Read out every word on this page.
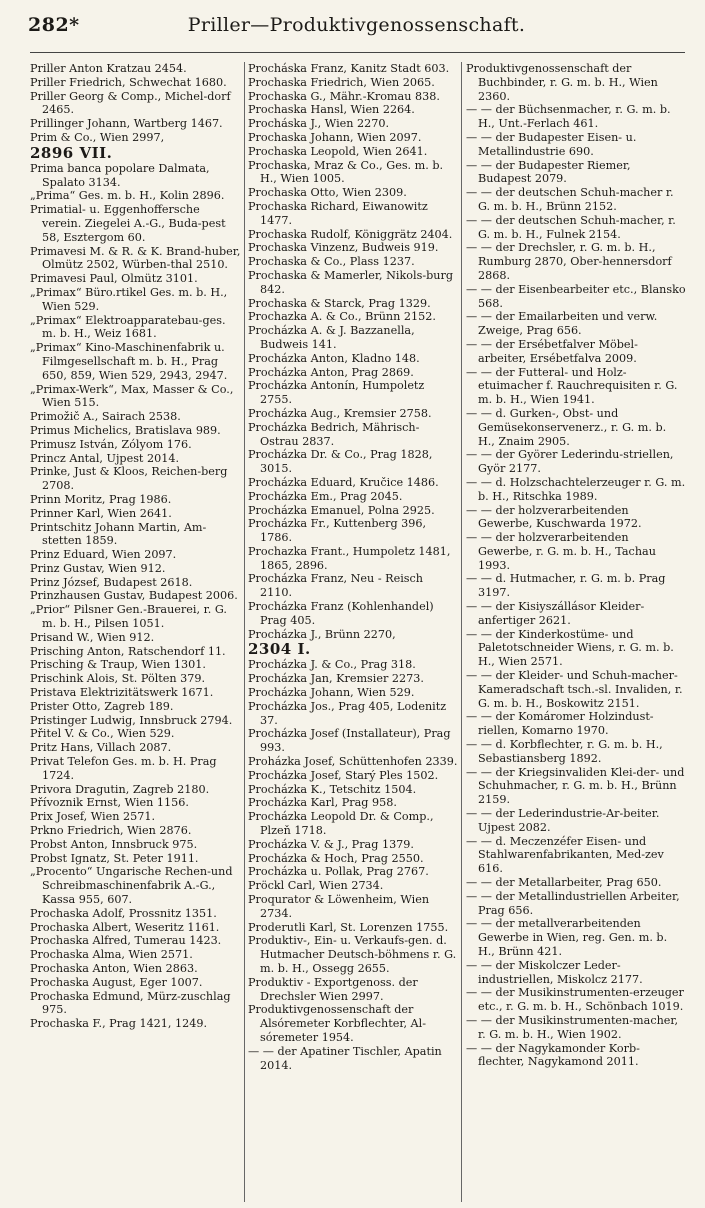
282*	Priller—Produktivgenossenschaft.

Priller Anton Kratzau 2454.

Priller Friedrich, Schwechat 1680.

Priller Georg & Comp., Michel-dorf 2465.

Prillinger Johann, Wartberg 1467.

Prim & Co., Wien 2997,

2896 VII.

Prima banca popolare Dalmata, Spalato 3134.

„Prima“ Ges. m. b. H., Kolin 2896.

Primatial- u. Eggenhoffersche verein. Ziegelei A.-G., Buda-pest 58, Esztergom 60.

Primavesi M. & R. & K. Brand-huber, Olmütz 2502, Würben-thal 2510.

Primavesi Paul, Olmütz 3101.

„Primax“ Büro.rtikel Ges. m. b. H., Wien 529.

„Primax“ Elektroapparatebau-ges. m. b. H., Weiz 1681.

„Primax“ Kino-Maschinenfabrik u. Filmgesellschaft m. b. H., Prag 650, 859, Wien 529, 2943, 2947.

„Primax-Werk“, Max, Masser & Co., Wien 515.

Primožič A., Sairach 2538.

Primus Michelics, Bratislava 989.

Primusz István, Zólyom 176.

Princz Antal, Ujpest 2014.

Prinke, Just & Kloos, Reichen-berg 2708.

Prinn Moritz, Prag 1986.

Prinner Karl, Wien 2641.

Printschitz Johann Martin, Am-stetten 1859.

Prinz Eduard, Wien 2097.

Prinz Gustav, Wien 912.

Prinz József, Budapest 2618.

Prinzhausen Gustav, Budapest 2006.

„Prior“ Pilsner Gen.-Brauerei, r. G. m. b. H., Pilsen 1051.

Prisand W., Wien 912.

Prisching Anton, Ratschendorf 11.

Prisching & Traup, Wien 1301.

Prischink Alois, St. Pölten 379.

Pristava Elektrizitätswerk 1671.

Prister Otto, Zagreb 189.

Pristinger Ludwig, Innsbruck 2794.

Přitel V. & Co., Wien 529.

Pritz Hans, Villach 2087.

Privat Telefon Ges. m. b. H. Prag 1724.

Privora Dragutin, Zagreb 2180.

Přívoznik Ernst, Wien 1156.

Prix Josef, Wien 2571.

Prkno Friedrich, Wien 2876.

Probst Anton, Innsbruck 975.

Probst Ignatz, St. Peter 1911.

„Procento“ Ungarische Rechen-und Schreibmaschinenfabrik A.-G., Kassa 955, 607.

Prochaska Adolf, Prossnitz 1351.

Prochaska Albert, Weseritz 1161.

Prochaska Alfred, Tumerau 1423.

Prochaska Alma, Wien 2571.

Prochaska Anton, Wien 2863.

Prochaska August, Eger 1007.

Prochaska Edmund, Mürz-zuschlag 975.

Prochaska F., Prag 1421, 1249.

Procháska Franz, Kanitz Stadt 603.

Prochaska Friedrich, Wien 2065.

Prochaska G., Mähr.-Kromau 838.

Prochaska Hansl, Wien 2264.

Procháska J., Wien 2270.

Prochaska Johann, Wien 2097.

Prochaska Leopold, Wien 2641.

Prochaska, Mraz & Co., Ges. m. b. H., Wien 1005.

Prochaska Otto, Wien 2309.

Prochaska Richard, Eiwanowitz 1477.

Prochaska Rudolf, Königgrätz 2404.

Prochaska Vinzenz, Budweis 919.

Prochaska & Co., Plass 1237.

Prochaska & Mamerler, Nikols-burg 842.

Prochaska & Starck, Prag 1329.

Prochazka A. & Co., Brünn 2152.

Procházka A. & J. Bazzanella, Budweis 141.

Procházka Anton, Kladno 148.

Procházka Anton, Prag 2869.

Procházka Antonín, Humpoletz 2755.

Procházka Aug., Kremsier 2758.

Procházka Bedrich, Mährisch-Ostrau 2837.

Procházka Dr. & Co., Prag 1828, 3015.

Procházka Eduard, Kručice 1486.

Procházka Em., Prag 2045.

Procházka Emanuel, Polna 2925.

Procházka Fr., Kuttenberg 396, 1786.

Prochazka Frant., Humpoletz 1481, 1865, 2896.

Procházka Franz, Neu - Reisch 2110.

Procházka Franz (Kohlenhandel) Prag 405.

Procházka J., Brünn 2270,

2304 I.

Procházka J. & Co., Prag 318.

Procházka Jan, Kremsier 2273.

Procházka Johann, Wien 529.

Procházka Jos., Prag 405, Lodenitz 37.

Procházka Josef (Installateur), Prag 993.

Proházka Josef, Schüttenhofen 2339.

Procházka Josef, Starý Ples 1502.

Procházka K., Tetschitz 1504.

Procházka Karl, Prag 958.

Procházka Leopold Dr. & Comp., Plzeň 1718.

Procházka V. & J., Prag 1379.

Procházka & Hoch, Prag 2550.

Procházka u. Pollak, Prag 2767.

Pröckl Carl, Wien 2734.

Proqurator & Löwenheim, Wien 2734.

Proderutli Karl, St. Lorenzen 1755.

Produktiv-, Ein- u. Verkaufs-gen. d. Hutmacher Deutsch-böhmens r. G. m. b. H., Ossegg 2655.

Produktiv - Exportgenoss. der Drechsler Wien 2997.

Produktivgenossenschaft der Alsóremeter Korbflechter, Al-sóremeter 1954.

— — der Apatiner Tischler, Apatin 2014.

Produktivgenossenschaft der Buchbinder, r. G. m. b. H., Wien 2360.

— — der Büchsenmacher, r. G. m. b. H., Unt.-Ferlach 461.

— — der Budapester Eisen- u. Metallindustrie 690.

— — der Budapester Riemer, Budapest 2079.

— — der deutschen Schuh-macher r. G. m. b. H., Brünn 2152.

— — der deutschen Schuh-macher, r. G. m. b. H., Fulnek 2154.

— — der Drechsler, r. G. m. b. H., Rumburg 2870, Ober-hennersdorf 2868.

— — der Eisenbearbeiter etc., Blansko 568.

— — der Emailarbeiten und verw. Zweige, Prag 656.

— — der Ersébetfalver Möbel-arbeiter, Ersébetfalva 2009.

— — der Futteral- und Holz-etuimacher f. Rauchrequisiten r. G. m. b. H., Wien 1941.

— — d. Gurken-, Obst- und Gemüsekonservenerz., r. G. m. b. H., Znaim 2905.

— — der Györer Lederindu-striellen, Györ 2177.

— — d. Holzschachtelerzeuger r. G. m. b. H., Ritschka 1989.

— — der holzverarbeitenden Gewerbe, Kuschwarda 1972.

— — der holzverarbeitenden Gewerbe, r. G. m. b. H., Tachau 1993.

— — d. Hutmacher, r. G. m. b. Prag 3197.

— — der Kisiyszállásor Kleider-anfertiger 2621.

— — der Kinderkostüme- und Paletotschneider Wiens, r. G. m. b. H., Wien 2571.

— — der Kleider- und Schuh-macher-Kameradschaft tsch.-sl. Invaliden, r. G. m. b. H., Boskowitz 2151.

— — der Komáromer Holzindust-riellen, Komarno 1970.

— — d. Korbflechter, r. G. m. b. H., Sebastiansberg 1892.

— — der Kriegsinvaliden Klei-der- und Schuhmacher, r. G. m. b. H., Brünn 2159.

— — der Lederindustrie-Ar-beiter. Ujpest 2082.

— — d. Meczenzéfer Eisen- und Stahlwarenfabrikanten, Med-zev 616.

— — der Metallarbeiter, Prag 650.

— — der Metallindustriellen Arbeiter, Prag 656.

— — der metallverarbeitenden Gewerbe in Wien, reg. Gen. m. b. H., Brünn 421.

— — der Miskolczer Leder-industriellen, Miskolcz 2177.

— — der Musikinstrumenten-erzeuger etc., r. G. m. b. H., Schönbach 1019.

— — der Musikinstrumenten-macher, r. G. m. b. H., Wien 1902.

— — der Nagykamonder Korb-flechter, Nagykamond 2011.
